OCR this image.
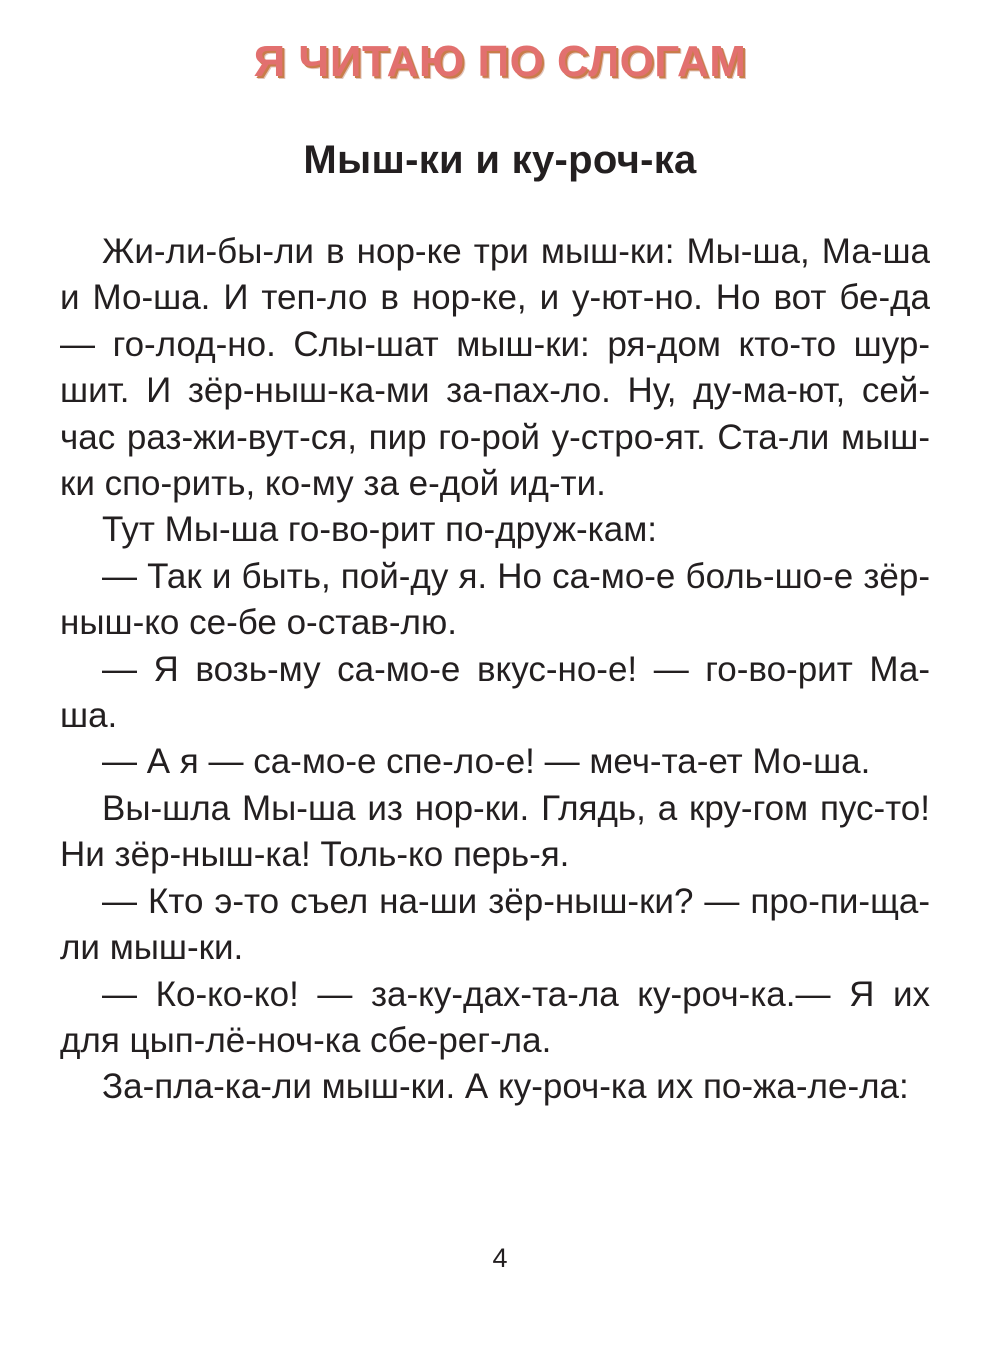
Я ЧИТАЮ ПО СЛОГАМ
Мыш-ки и ку-роч-ка

Жи-ли-бы-ли в нор-ке три мыш-ки: Мы-ша, Ма-ша и Мо-ша. И теп-ло в нор-ке, и у-ют-но. Но вот бе-да — го-лод-но. Слы-шат мыш-ки: ря-дом кто-то шур-шит. И зёр-ныш-ка-ми за-пах-ло. Ну, ду-ма-ют, сей-час раз-жи-вут-ся, пир го-рой у-стро-ят. Ста-ли мыш-ки спо-рить, ко-му за е-дой ид-ти.

Тут Мы-ша го-во-рит по-друж-кам:

— Так и быть, пой-ду я. Но са-мо-е боль-шо-е зёр-ныш-ко се-бе о-став-лю.

— Я возь-му са-мо-е вкус-но-е! — го-во-рит Ма-ша.

— А я — са-мо-е спе-ло-е! — меч-та-ет Мо-ша.

Вы-шла Мы-ша из нор-ки. Глядь, а кру-гом пус-то! Ни зёр-ныш-ка! Толь-ко перь-я.

— Кто э-то съел на-ши зёр-ныш-ки? — про-пи-ща-ли мыш-ки.

— Ко-ко-ко! — за-ку-дах-та-ла ку-роч-ка.— Я их для цып-лё-ноч-ка сбе-рег-ла.

За-пла-ка-ли мыш-ки. А ку-роч-ка их по-жа-ле-ла:

4
